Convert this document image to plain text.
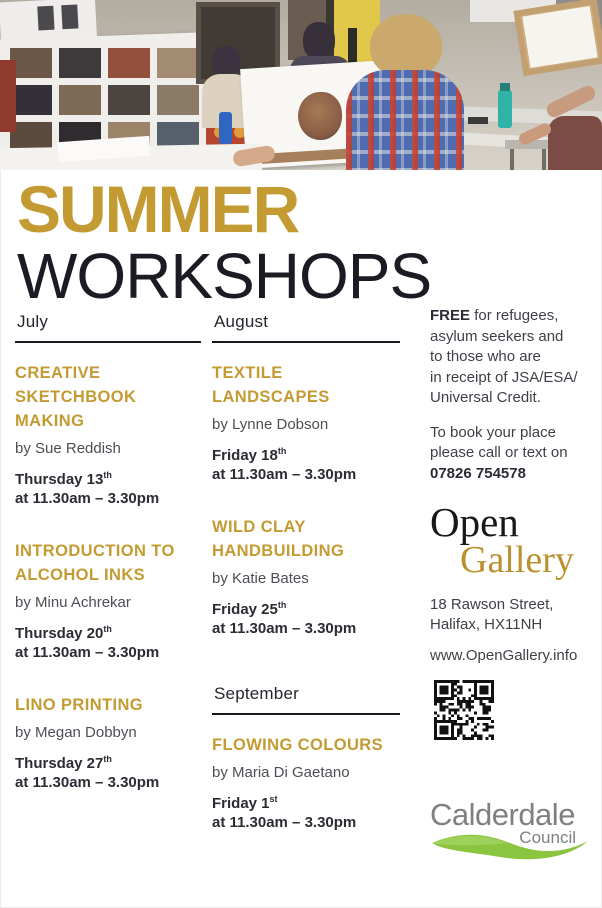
SUMMER
WORKSHOPS
July
CREATIVE SKETCHBOOK MAKING
by Sue Reddish
Thursday 13th
at 11.30am – 3.30pm
INTRODUCTION TO ALCOHOL INKS
by Minu Achrekar
Thursday 20th
at 11.30am – 3.30pm
LINO PRINTING
by Megan Dobbyn
Thursday 27th
at 11.30am – 3.30pm
August
TEXTILE LANDSCAPES
by Lynne Dobson
Friday 18th
at 11.30am – 3.30pm
WILD CLAY HANDBUILDING
by Katie Bates
Friday 25th
at 11.30am – 3.30pm
September
FLOWING COLOURS
by Maria Di Gaetano
Friday 1st
at 11.30am – 3.30pm

FREE for refugees,
asylum seekers and
to those who are
in receipt of JSA/ESA/
Universal Credit.

To book your place
please call or text on
07826 754578

Open
Gallery
18 Rawson Street,
Halifax, HX11NH
www.OpenGallery.info
Calderdale
Council
